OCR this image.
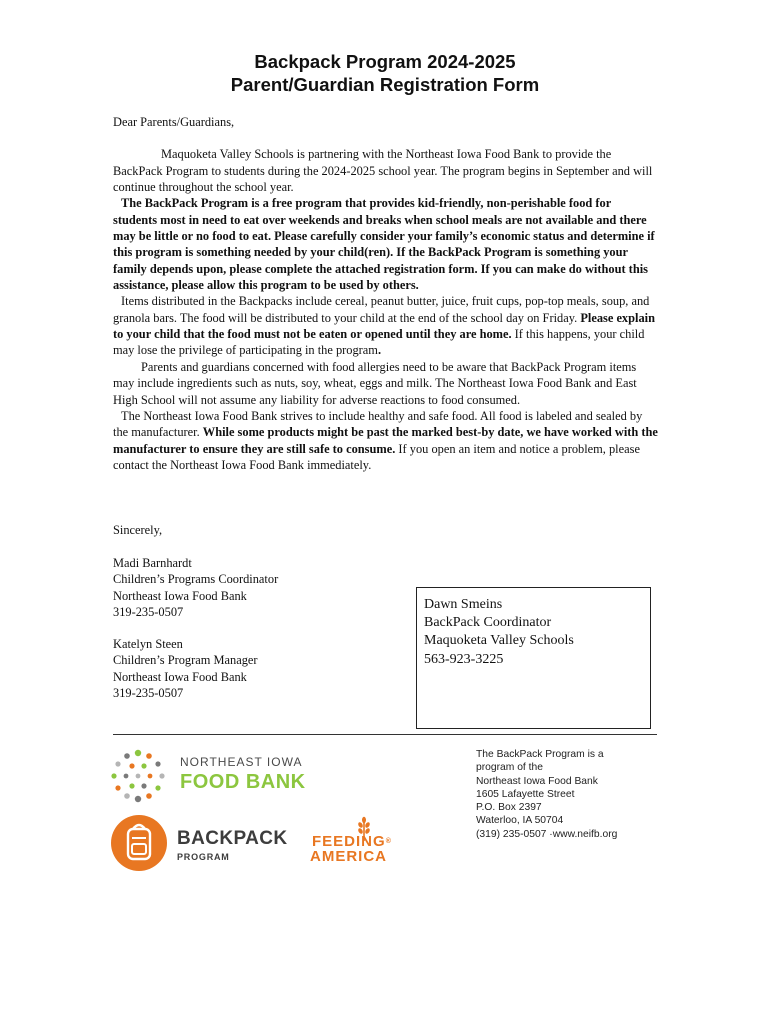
Backpack Program 2024-2025
Parent/Guardian Registration Form

Dear Parents/Guardians,

Maquoketa Valley Schools is partnering with the Northeast Iowa Food Bank to provide the BackPack Program to students during the 2024-2025 school year. The program begins in September and will continue throughout the school year.

The BackPack Program is a free program that provides kid-friendly, non-perishable food for students most in need to eat over weekends and breaks when school meals are not available and there may be little or no food to eat. Please carefully consider your family’s economic status and determine if this program is something needed by your child(ren). If the BackPack Program is something your family depends upon, please complete the attached registration form. If you can make do without this assistance, please allow this program to be used by others.

Items distributed in the Backpacks include cereal, peanut butter, juice, fruit cups, pop-top meals, soup, and granola bars. The food will be distributed to your child at the end of the school day on Friday. Please explain to your child that the food must not be eaten or opened until they are home. If this happens, your child may lose the privilege of participating in the program.

Parents and guardians concerned with food allergies need to be aware that BackPack Program items may include ingredients such as nuts, soy, wheat, eggs and milk. The Northeast Iowa Food Bank and East High School will not assume any liability for adverse reactions to food consumed.

The Northeast Iowa Food Bank strives to include healthy and safe food. All food is labeled and sealed by the manufacturer. While some products might be past the marked best-by date, we have worked with the manufacturer to ensure they are still safe to consume. If you open an item and notice a problem, please contact the Northeast Iowa Food Bank immediately.

Sincerely,
Madi Barnhardt
Children’s Programs Coordinator
Northeast Iowa Food Bank
319-235-0507
Katelyn Steen
Children’s Program Manager
Northeast Iowa Food Bank
319-235-0507
Dawn Smeins
BackPack Coordinator
Maquoketa Valley Schools
563-923-3225
NORTHEAST IOWA
FOOD BANK
BACKPACK
PROGRAM
FEEDING®
AMERICA
The BackPack Program is a
program of the
Northeast Iowa Food Bank
1605 Lafayette Street
P.O. Box 2397
Waterloo, IA 50704
(319) 235-0507 ·www.neifb.org
